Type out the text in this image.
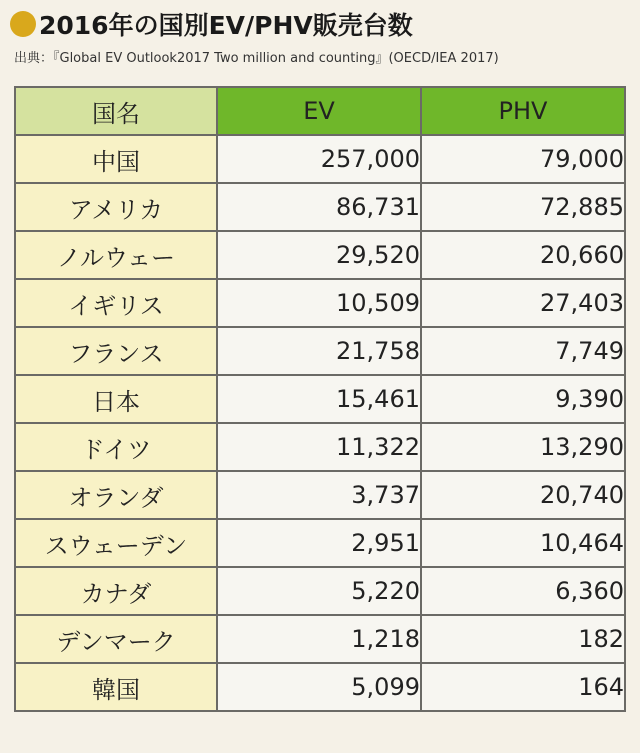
2016年の国別EV/PHV販売台数
出典：『Global EV Outlook2017 Two million and counting』(OECD/IEA 2017)
国名	EV	PHV
中国	257,000	79,000
アメリカ	86,731	72,885
ノルウェー	29,520	20,660
イギリス	10,509	27,403
フランス	21,758	7,749
日本	15,461	9,390
ドイツ	11,322	13,290
オランダ	3,737	20,740
スウェーデン	2,951	10,464
カナダ	5,220	6,360
デンマーク	1,218	182
韓国	5,099	164
